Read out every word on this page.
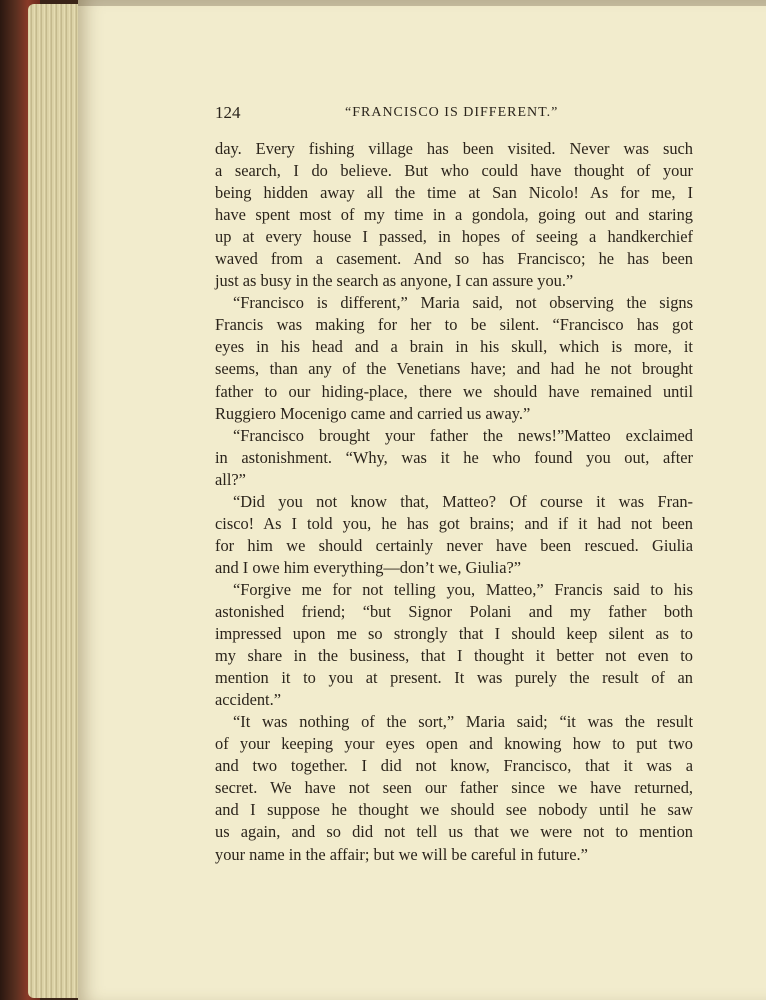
124	“FRANCISCO IS DIFFERENT.”
day. Every fishing village has been visited. Never was such
a search, I do believe. But who could have thought of your
being hidden away all the time at San Nicolo! As for me, I
have spent most of my time in a gondola, going out and staring
up at every house I passed, in hopes of seeing a handkerchief
waved from a casement. And so has Francisco; he has been
just as busy in the search as anyone, I can assure you.”
“Francisco is different,” Maria said, not observing the signs
Francis was making for her to be silent. “Francisco has got
eyes in his head and a brain in his skull, which is more, it
seems, than any of the Venetians have; and had he not brought
father to our hiding-place, there we should have remained until
Ruggiero Mocenigo came and carried us away.”
“Francisco brought your father the news!”Matteo exclaimed
in astonishment. “Why, was it he who found you out, after
all?”
“Did you not know that, Matteo? Of course it was Fran-
cisco! As I told you, he has got brains; and if it had not been
for him we should certainly never have been rescued. Giulia
and I owe him everything—don’t we, Giulia?”
“Forgive me for not telling you, Matteo,” Francis said to his
astonished friend; “but Signor Polani and my father both
impressed upon me so strongly that I should keep silent as to
my share in the business, that I thought it better not even to
mention it to you at present. It was purely the result of an
accident.”
“It was nothing of the sort,” Maria said; “it was the result
of your keeping your eyes open and knowing how to put two
and two together. I did not know, Francisco, that it was a
secret. We have not seen our father since we have returned,
and I suppose he thought we should see nobody until he saw
us again, and so did not tell us that we were not to mention
your name in the affair; but we will be careful in future.”
